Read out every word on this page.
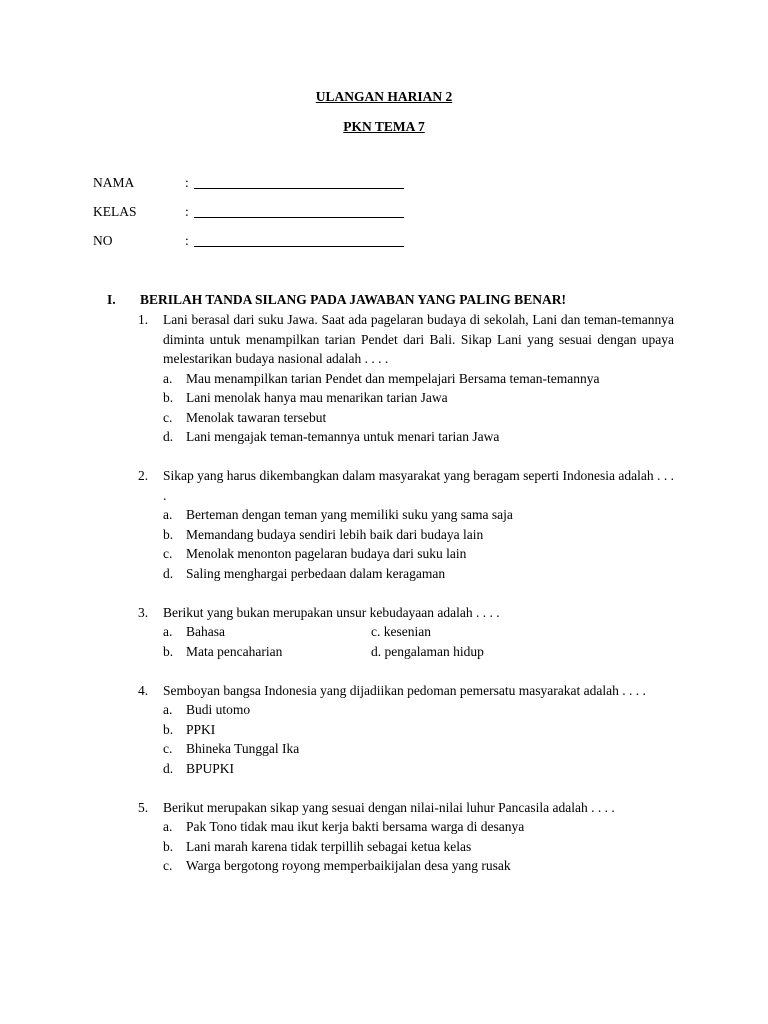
ULANGAN HARIAN 2
PKN TEMA 7
NAMA	:
KELAS	:
NO	:
I. BERILAH TANDA SILANG PADA JAWABAN YANG PALING BENAR!
1. Lani berasal dari suku Jawa. Saat ada pagelaran budaya di sekolah, Lani dan teman-temannya diminta untuk menampilkan tarian Pendet dari Bali. Sikap Lani yang sesuai dengan upaya melestarikan budaya nasional adalah . . . .
a. Mau menampilkan tarian Pendet dan mempelajari Bersama teman-temannya
b. Lani menolak hanya mau menarikan tarian Jawa
c. Menolak tawaran tersebut
d. Lani mengajak teman-temannya untuk menari tarian Jawa
2. Sikap yang harus dikembangkan dalam masyarakat yang beragam seperti Indonesia adalah . . . .
a. Berteman dengan teman yang memiliki suku yang sama saja
b. Memandang budaya sendiri lebih baik dari budaya lain
c. Menolak menonton pagelaran budaya dari suku lain
d. Saling menghargai perbedaan dalam keragaman
3. Berikut yang bukan merupakan unsur kebudayaan adalah . . . .
a. Bahasa	c. kesenian
b. Mata pencaharian	d. pengalaman hidup
4. Semboyan bangsa Indonesia yang dijadiikan pedoman pemersatu masyarakat adalah . . . .
a. Budi utomo
b. PPKI
c. Bhineka Tunggal Ika
d. BPUPKI
5. Berikut merupakan sikap yang sesuai dengan nilai-nilai luhur Pancasila adalah . . . .
a. Pak Tono tidak mau ikut kerja bakti bersama warga di desanya
b. Lani marah karena tidak terpillih sebagai ketua kelas
c. Warga bergotong royong memperbaikijalan desa yang rusak
